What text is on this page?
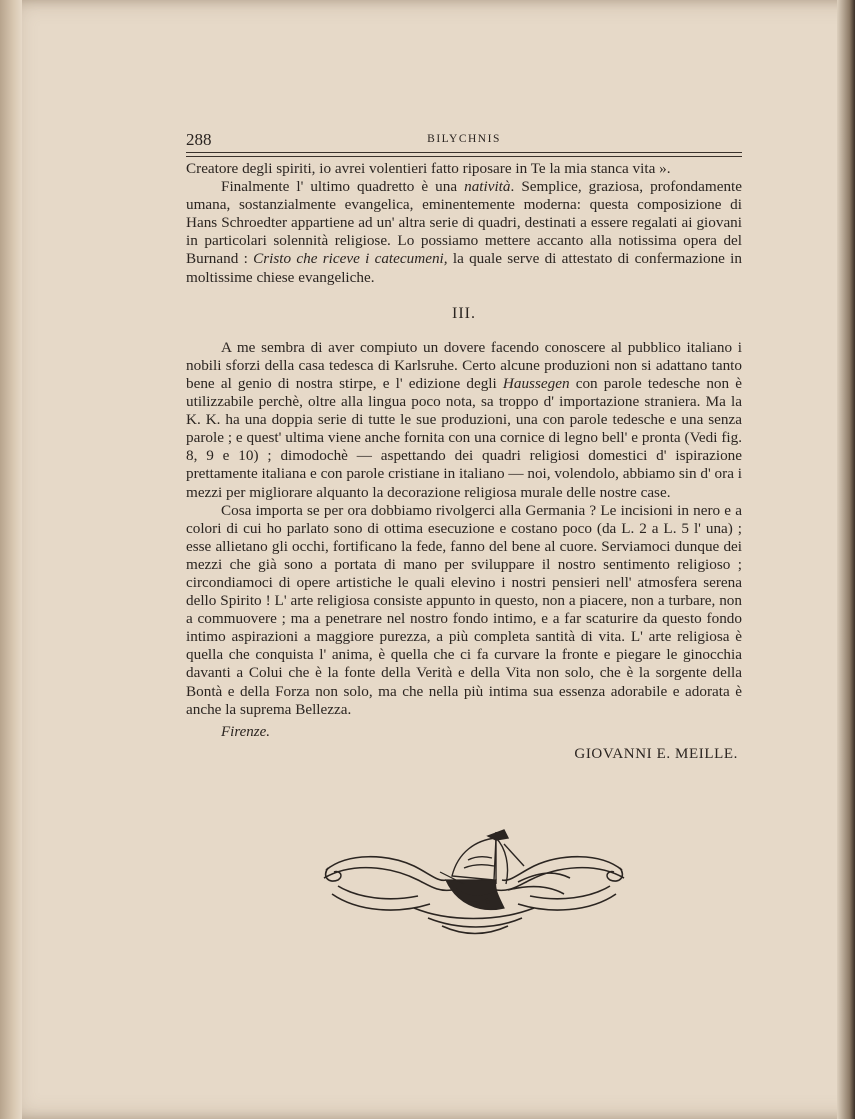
288	BILYCHNIS

Creatore degli spiriti, io avrei volentieri fatto riposare in Te la mia stanca vita ».

Finalmente l' ultimo quadretto è una natività. Semplice, graziosa, profondamente umana, sostanzialmente evangelica, eminentemente moderna: questa composizione di Hans Schroedter appartiene ad un' altra serie di quadri, destinati a essere regalati ai giovani in particolari solennità religiose. Lo possiamo mettere accanto alla notissima opera del Burnand : Cristo che riceve i catecumeni, la quale serve di attestato di confermazione in moltissime chiese evangeliche.

III.

A me sembra di aver compiuto un dovere facendo conoscere al pubblico italiano i nobili sforzi della casa tedesca di Karlsruhe. Certo alcune produzioni non si adattano tanto bene al genio di nostra stirpe, e l' edizione degli Haussegen con parole tedesche non è utilizzabile perchè, oltre alla lingua poco nota, sa troppo d' importazione straniera. Ma la K. K. ha una doppia serie di tutte le sue produzioni, una con parole tedesche e una senza parole ; e quest' ultima viene anche fornita con una cornice di legno bell' e pronta (Vedi fig. 8, 9 e 10) ; dimodochè — aspettando dei quadri religiosi domestici d' ispirazione prettamente italiana e con parole cristiane in italiano — noi, volendolo, abbiamo sin d' ora i mezzi per migliorare alquanto la decorazione religiosa murale delle nostre case.

Cosa importa se per ora dobbiamo rivolgerci alla Germania ? Le incisioni in nero e a colori di cui ho parlato sono di ottima esecuzione e costano poco (da L. 2 a L. 5 l' una) ; esse allietano gli occhi, fortificano la fede, fanno del bene al cuore. Serviamoci dunque dei mezzi che già sono a portata di mano per sviluppare il nostro sentimento religioso ; circondiamoci di opere artistiche le quali elevino i nostri pensieri nell' atmosfera serena dello Spirito ! L' arte religiosa consiste appunto in questo, non a piacere, non a turbare, non a commuovere ; ma a penetrare nel nostro fondo intimo, e a far scaturire da questo fondo intimo aspirazioni a maggiore purezza, a più completa santità di vita. L' arte religiosa è quella che conquista l' anima, è quella che ci fa curvare la fronte e piegare le ginocchia davanti a Colui che è la fonte della Verità e della Vita non solo, che è la sorgente della Bontà e della Forza non solo, ma che nella più intima sua essenza adorabile e adorata è anche la suprema Bellezza.

Firenze.
GIOVANNI E. MEILLE.
